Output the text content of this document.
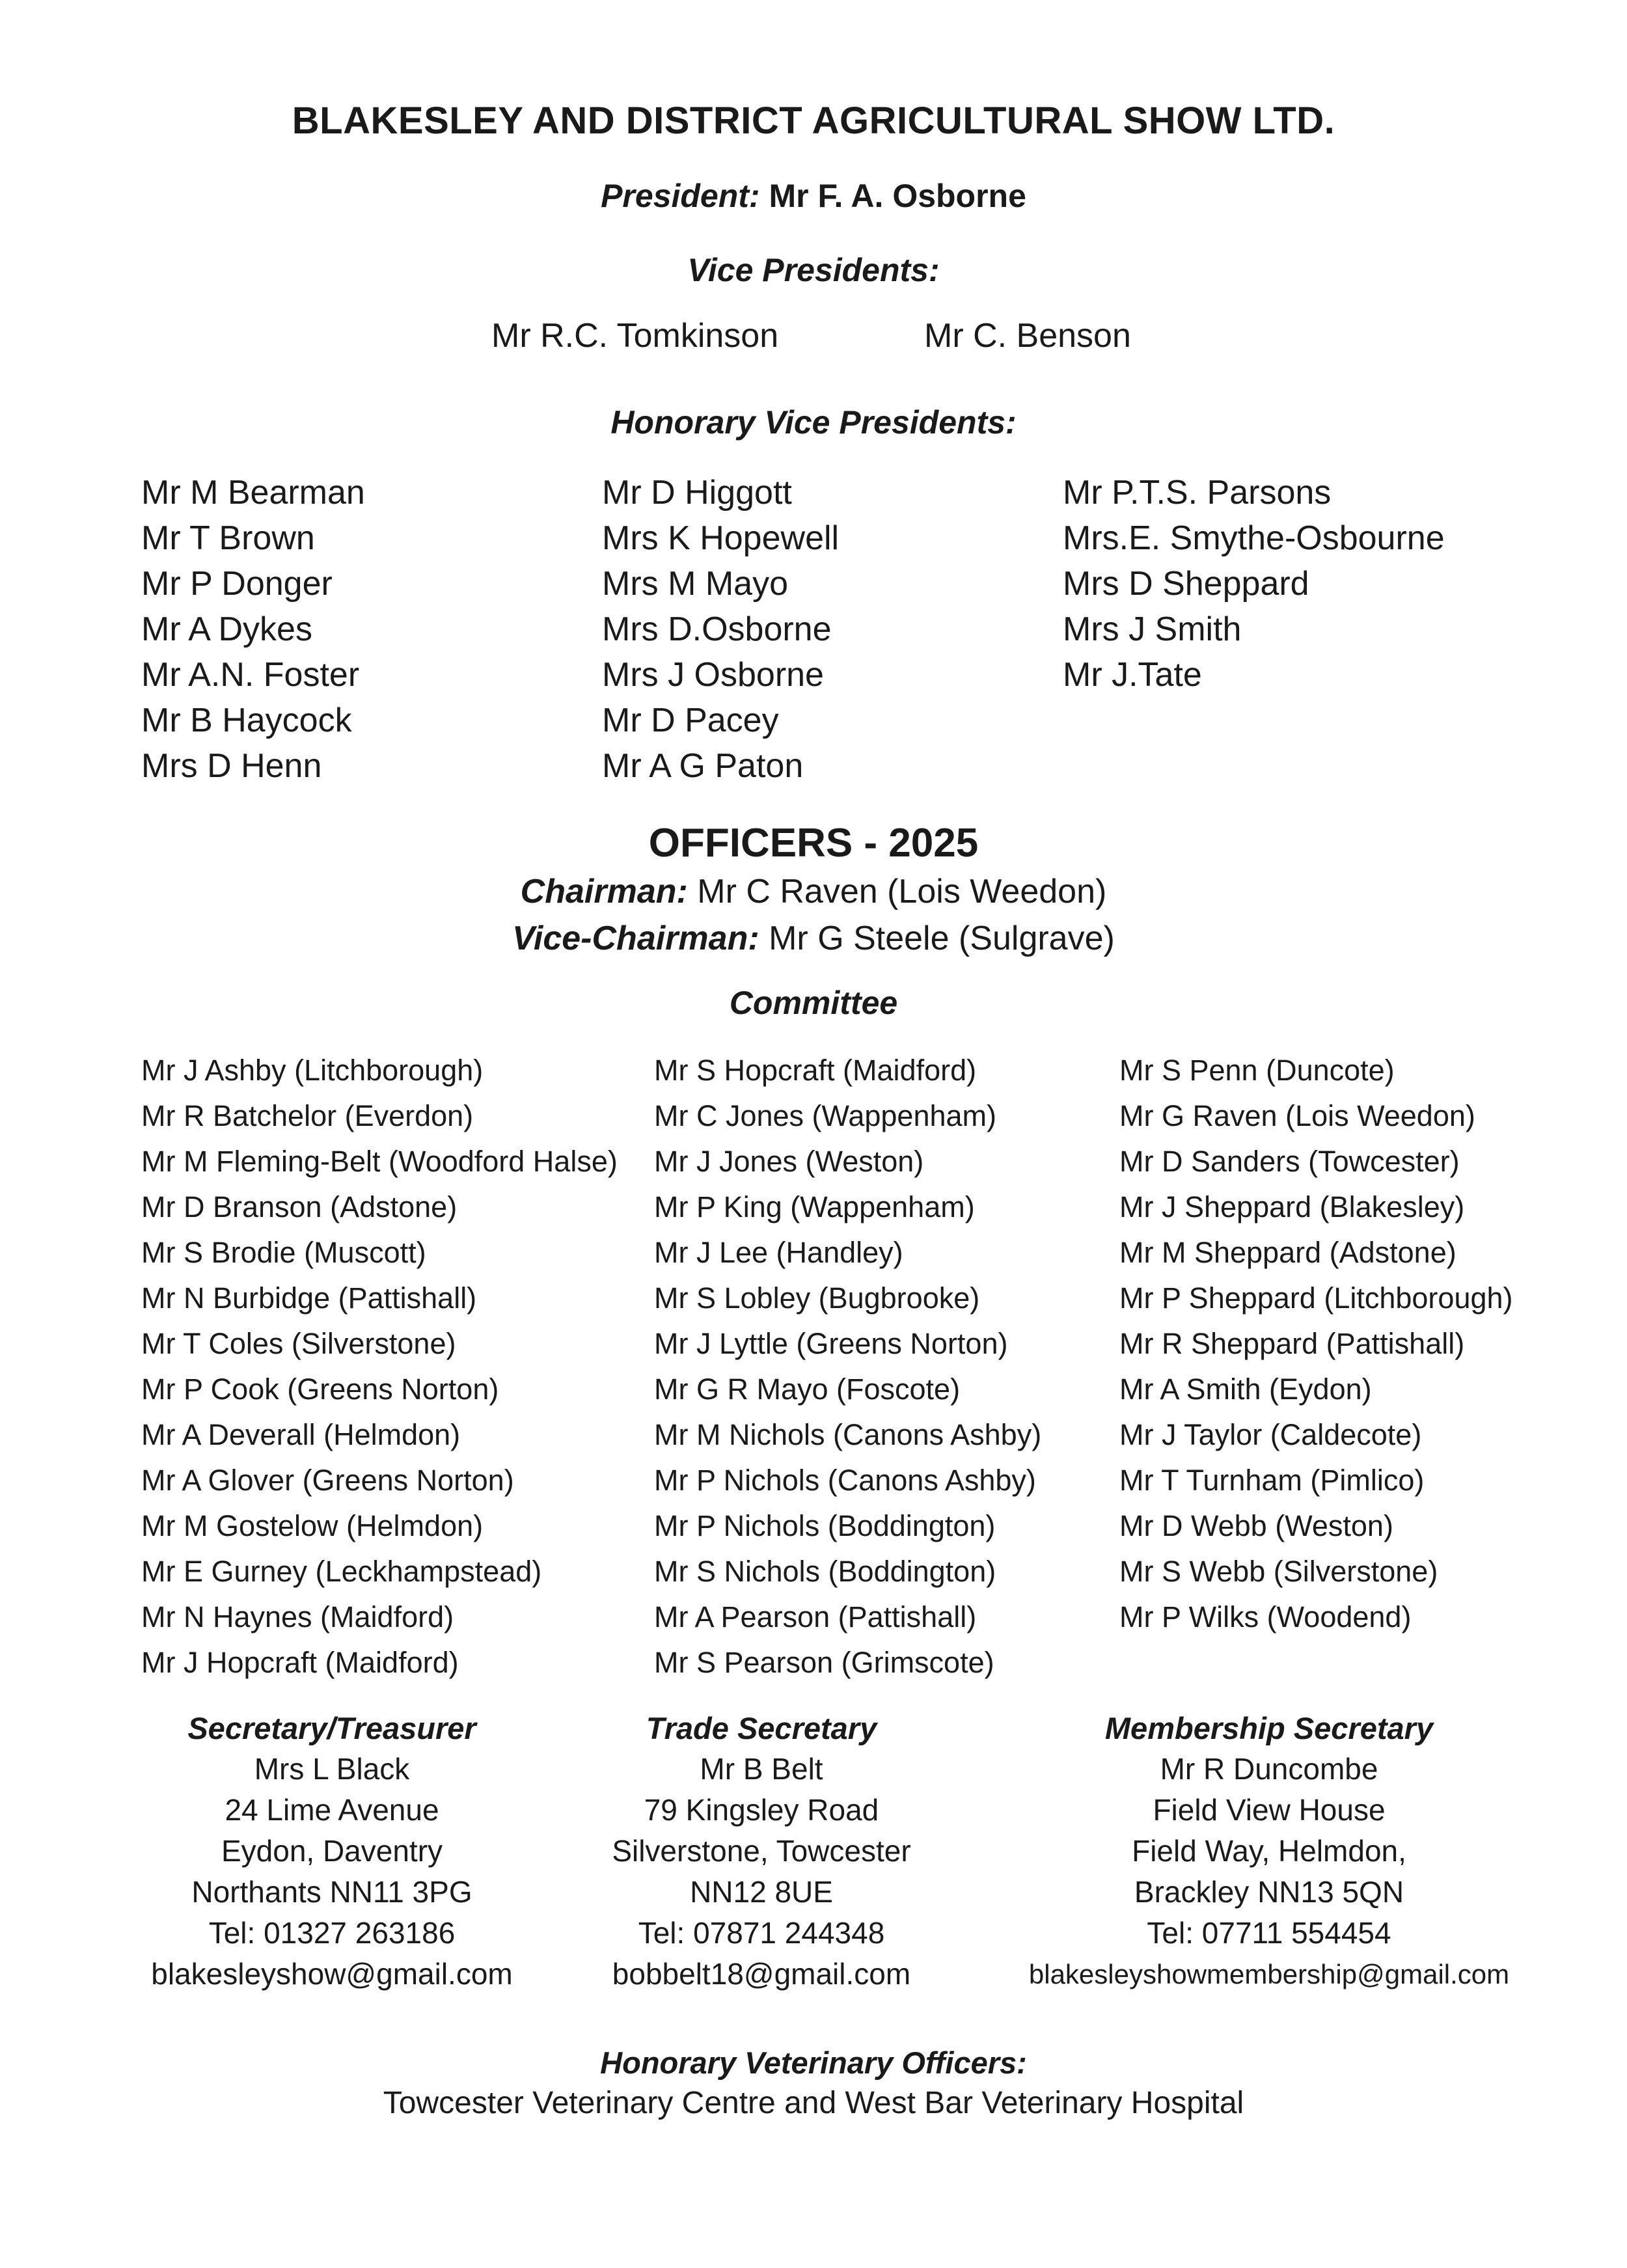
BLAKESLEY AND DISTRICT AGRICULTURAL SHOW LTD.
President: Mr F. A. Osborne
Vice Presidents:
Mr R.C. Tomkinson	Mr C. Benson
Honorary Vice Presidents:
Mr M Bearman
Mr T Brown
Mr P Donger
Mr A Dykes
Mr A.N. Foster
Mr B Haycock
Mrs D Henn
Mr D Higgott
Mrs K Hopewell
Mrs M Mayo
Mrs D.Osborne
Mrs J Osborne
Mr D Pacey
Mr A G Paton
Mr P.T.S. Parsons
Mrs.E. Smythe-Osbourne
Mrs D Sheppard
Mrs J Smith
Mr J.Tate
OFFICERS - 2025
Chairman: Mr C Raven (Lois Weedon)
Vice-Chairman: Mr G Steele (Sulgrave)
Committee
Mr J Ashby (Litchborough)
Mr R Batchelor (Everdon)
Mr M Fleming-Belt (Woodford Halse)
Mr D Branson (Adstone)
Mr S Brodie (Muscott)
Mr N Burbidge (Pattishall)
Mr T Coles (Silverstone)
Mr P Cook (Greens Norton)
Mr A Deverall (Helmdon)
Mr A Glover (Greens Norton)
Mr M Gostelow (Helmdon)
Mr E Gurney (Leckhampstead)
Mr N Haynes (Maidford)
Mr J Hopcraft (Maidford)
Mr S Hopcraft (Maidford)
Mr C Jones (Wappenham)
Mr J Jones (Weston)
Mr P King (Wappenham)
Mr J Lee (Handley)
Mr S Lobley (Bugbrooke)
Mr J Lyttle (Greens Norton)
Mr G R Mayo (Foscote)
Mr M Nichols (Canons Ashby)
Mr P Nichols (Canons Ashby)
Mr P Nichols (Boddington)
Mr S Nichols (Boddington)
Mr A Pearson (Pattishall)
Mr S Pearson (Grimscote)
Mr S Penn (Duncote)
Mr G Raven (Lois Weedon)
Mr D Sanders (Towcester)
Mr J Sheppard (Blakesley)
Mr M Sheppard (Adstone)
Mr P Sheppard (Litchborough)
Mr R Sheppard (Pattishall)
Mr A Smith (Eydon)
Mr J Taylor (Caldecote)
Mr T Turnham (Pimlico)
Mr D Webb (Weston)
Mr S Webb (Silverstone)
Mr P Wilks (Woodend)
Secretary/Treasurer
Mrs L Black
24 Lime Avenue
Eydon, Daventry
Northants NN11 3PG
Tel: 01327 263186
blakesleyshow@gmail.com
Trade Secretary
Mr B Belt
79 Kingsley Road
Silverstone, Towcester
NN12 8UE
Tel: 07871 244348
bobbelt18@gmail.com
Membership Secretary
Mr R Duncombe
Field View House
Field Way, Helmdon,
Brackley NN13 5QN
Tel: 07711 554454
blakesleyshowmembership@gmail.com
Honorary Veterinary Officers:
Towcester Veterinary Centre and West Bar Veterinary Hospital
